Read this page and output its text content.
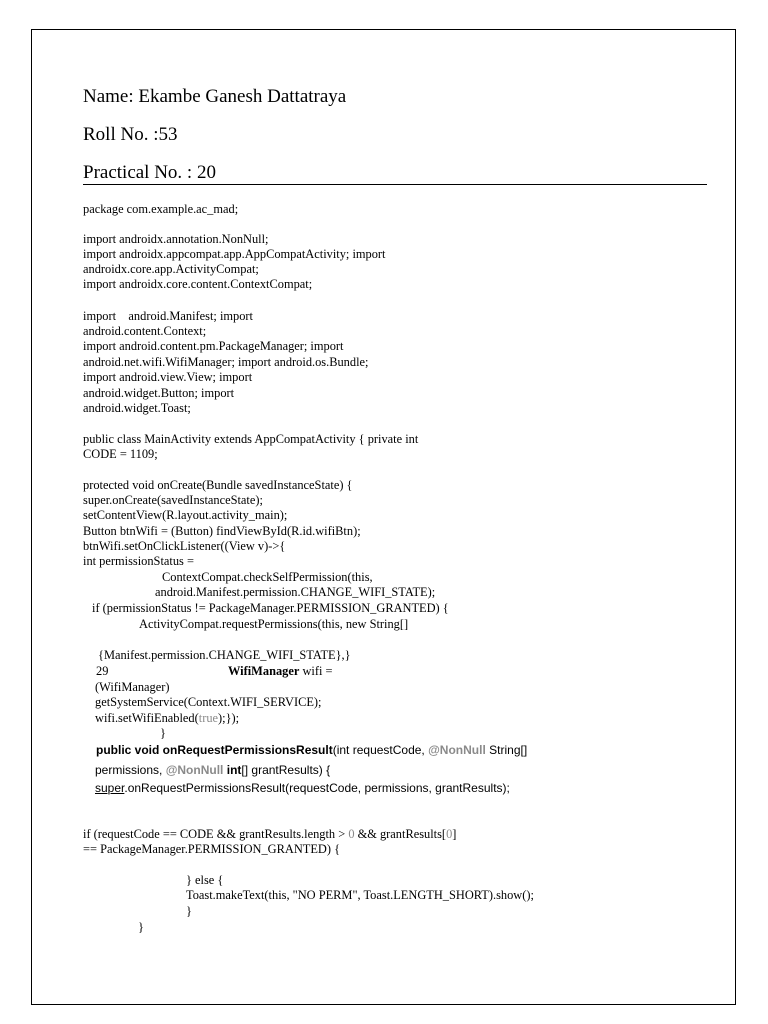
Name: Ekambe Ganesh Dattatraya
Roll No. :53
Practical No. : 20
package com.example.ac_mad;
import androidx.annotation.NonNull;
import androidx.appcompat.app.AppCompatActivity; import
androidx.core.app.ActivityCompat;
import androidx.core.content.ContextCompat;
import    android.Manifest; import
android.content.Context;
import android.content.pm.PackageManager; import
android.net.wifi.WifiManager; import android.os.Bundle;
import android.view.View; import
android.widget.Button; import
android.widget.Toast;
public class MainActivity extends AppCompatActivity { private int
CODE = 1109;
protected void onCreate(Bundle savedInstanceState) {
super.onCreate(savedInstanceState);
setContentView(R.layout.activity_main);
Button btnWifi = (Button) findViewById(R.id.wifiBtn);
btnWifi.setOnClickListener((View v)->{
int permissionStatus =
ContextCompat.checkSelfPermission(this,
android.Manifest.permission.CHANGE_WIFI_STATE);
if (permissionStatus != PackageManager.PERMISSION_GRANTED) {
ActivityCompat.requestPermissions(this, new String[]
{Manifest.permission.CHANGE_WIFI_STATE},}
29	WifiManager wifi =
(WifiManager)
getSystemService(Context.WIFI_SERVICE);
wifi.setWifiEnabled(true);});
}
public void onRequestPermissionsResult(int requestCode, @NonNull String[]
permissions, @NonNull int[] grantResults) {
super.onRequestPermissionsResult(requestCode, permissions, grantResults);
if (requestCode == CODE && grantResults.length > 0 && grantResults[0]
== PackageManager.PERMISSION_GRANTED) {
} else {
Toast.makeText(this, "NO PERM", Toast.LENGTH_SHORT).show();
}
}
